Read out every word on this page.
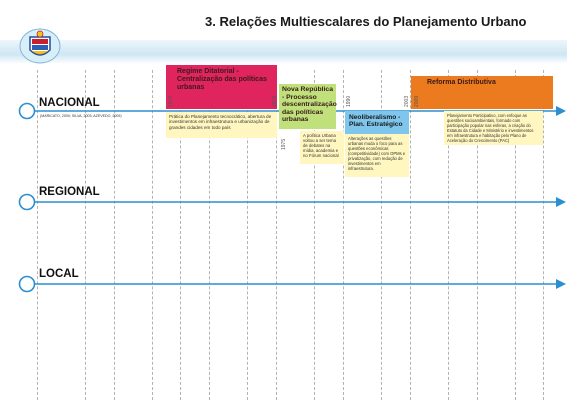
3. Relações Multiescalares do Planejamento Urbano
NACIONAL
(MARICATO, 2000; SILVA, 2003; AZEVEDO, 2009)
REGIONAL
LOCAL
Regime Ditatorial - Centralização das políticas urbanas
Prática do Planejamento tecnocrático, abertura de investimentos em infraestrutura e urbanização de grandes cidades em todo país
Nova República - Processo descentralização das políticas urbanas
A política Urbana voltou a ser tema de debates na mídia, academia e no Fórum nacional
Neoliberalismo - Plan. Estratégico
Alterações as questões urbanas muda o foco para as questões econômicas (competitividade) com OPMs e privatização, com redução de investimentos em infraestrutura.
Reforma Distributiva
Planejamento Participativo, com enfoque as questões socioambientais, formado com participação popular nas esferas, a criação do Estatuto da Cidade e Ministério e investimentos em infraestrutura e habitação pelo Plano de Aceleração do Crescimento (PAC)
1970	1975
1975
1990	2003 2009
